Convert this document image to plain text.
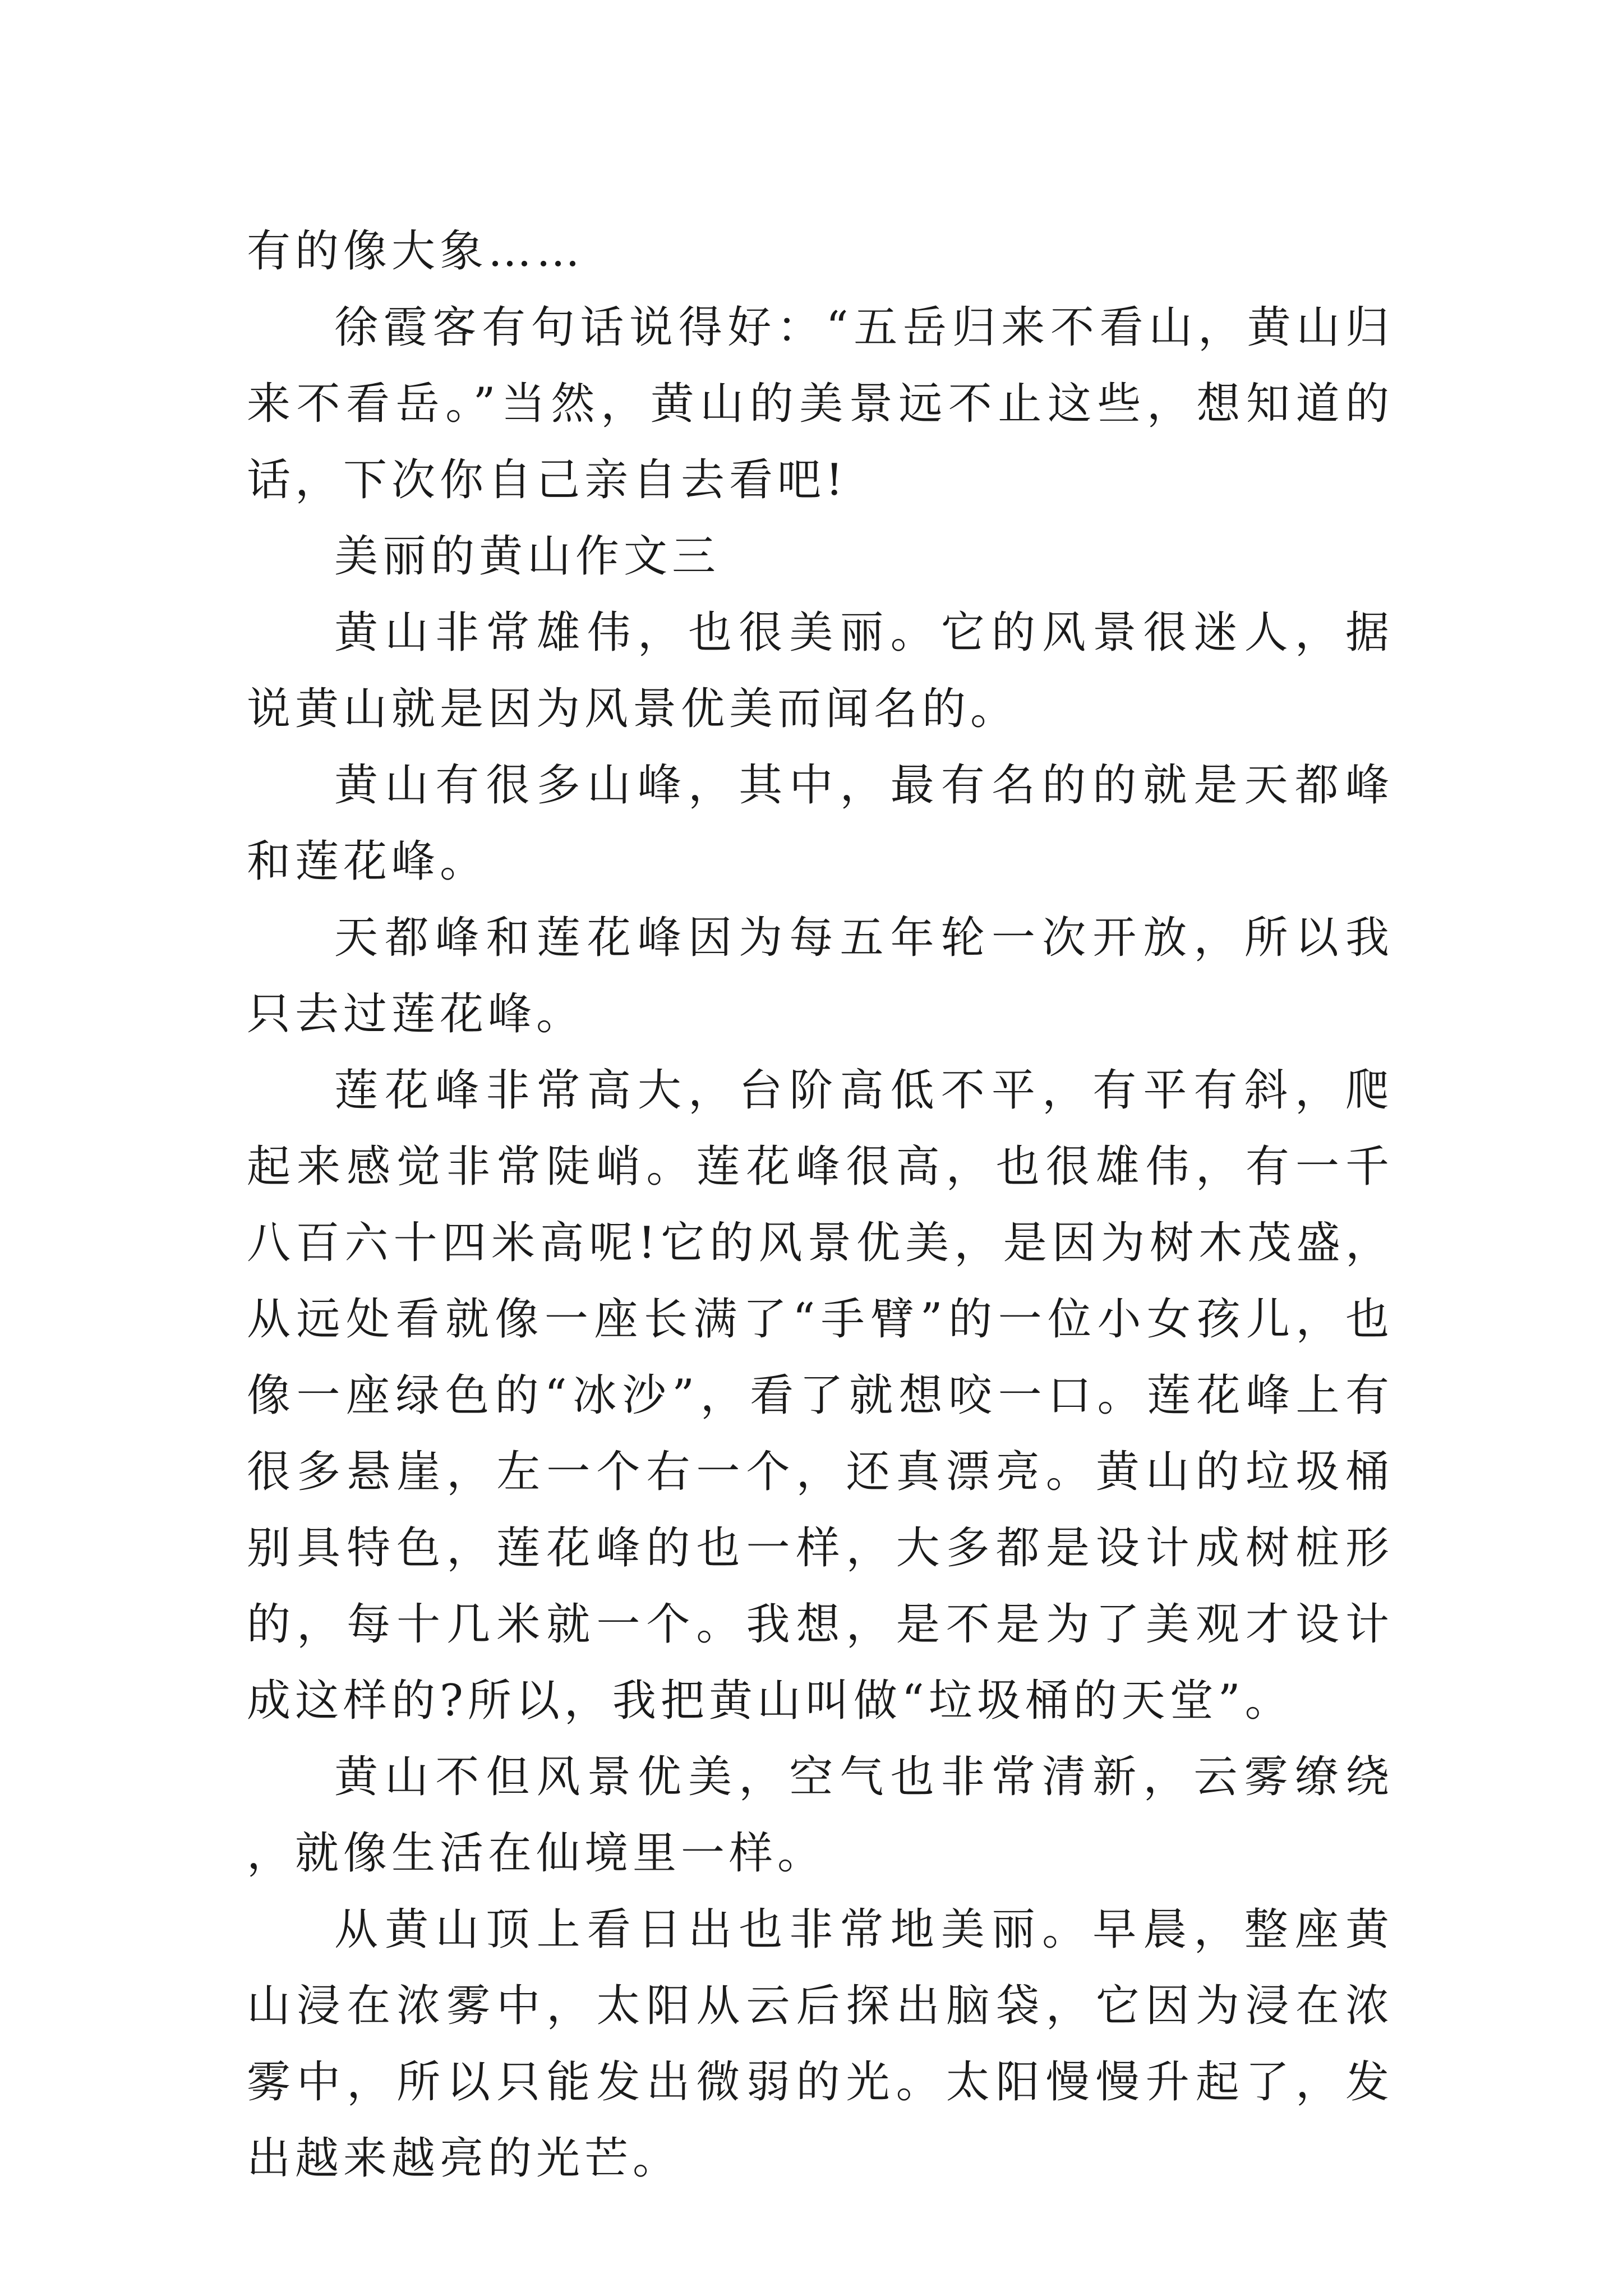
有的像大象……

徐霞客有句话说得好：“五岳归来不看山，黄山归来不看岳。”当然，黄山的美景远不止这些，想知道的话，下次你自己亲自去看吧!

美丽的黄山作文三

黄山非常雄伟，也很美丽。它的风景很迷人，据说黄山就是因为风景优美而闻名的。

黄山有很多山峰，其中，最有名的的就是天都峰和莲花峰。

天都峰和莲花峰因为每五年轮一次开放，所以我只去过莲花峰。

莲花峰非常高大，台阶高低不平，有平有斜，爬起来感觉非常陡峭。莲花峰很高，也很雄伟，有一千八百六十四米高呢!它的风景优美，是因为树木茂盛，从远处看就像一座长满了“手臂”的一位小女孩儿，也像一座绿色的“冰沙”，看了就想咬一口。莲花峰上有很多悬崖，左一个右一个，还真漂亮。黄山的垃圾桶别具特色，莲花峰的也一样，大多都是设计成树桩形的，每十几米就一个。我想，是不是为了美观才设计成这样的?所以，我把黄山叫做“垃圾桶的天堂”。

黄山不但风景优美，空气也非常清新，云雾缭绕，就像生活在仙境里一样。

从黄山顶上看日出也非常地美丽。早晨，整座黄山浸在浓雾中，太阳从云后探出脑袋，它因为浸在浓雾中，所以只能发出微弱的光。太阳慢慢升起了，发出越来越亮的光芒。
